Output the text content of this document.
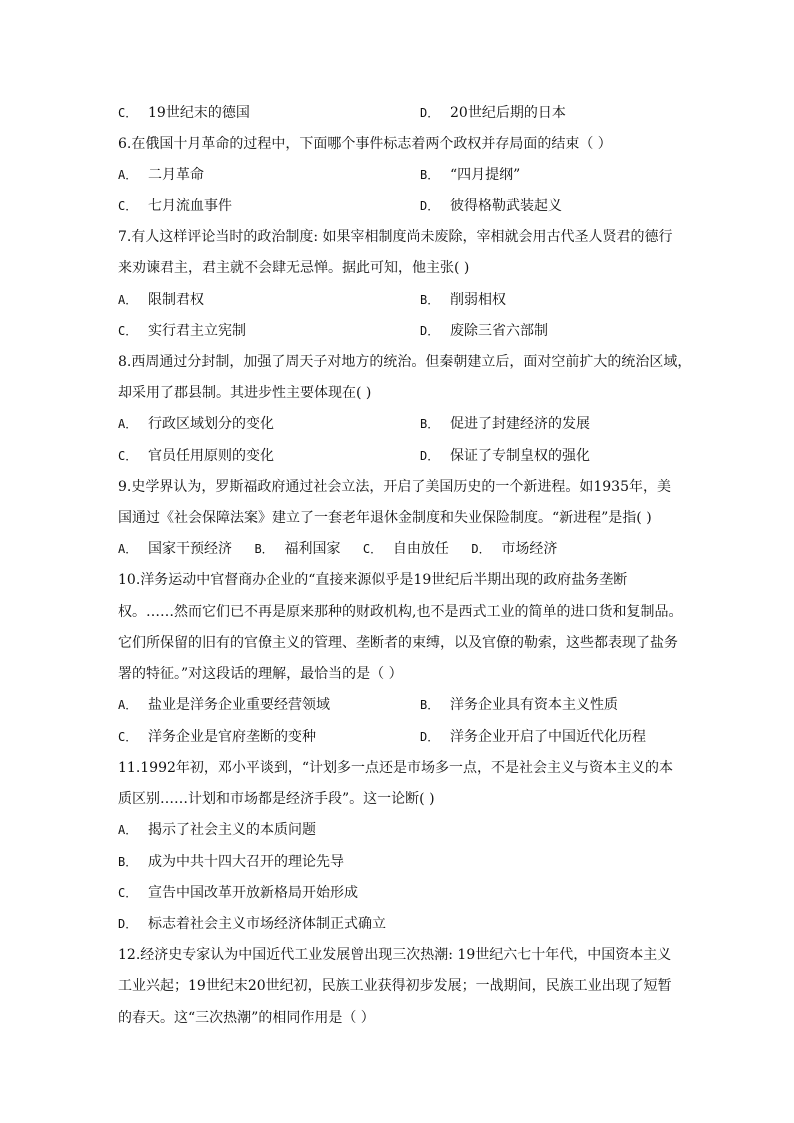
C． 19世纪末的德国	D． 20世纪后期的日本
6.在俄国十月革命的过程中，下面哪个事件标志着两个政权并存局面的结束（ ）
A． 二月革命	B． “四月提纲”
C． 七月流血事件	D． 彼得格勒武装起义
7.有人这样评论当时的政治制度: 如果宰相制度尚未废除，宰相就会用古代圣人贤君的德行
来劝谏君主，君主就不会肆无忌惮。据此可知，他主张( )
A． 限制君权	B． 削弱相权
C． 实行君主立宪制	D． 废除三省六部制
8.西周通过分封制，加强了周天子对地方的统治。但秦朝建立后，面对空前扩大的统治区域，
却采用了郡县制。其进步性主要体现在( )
A． 行政区域划分的变化	B． 促进了封建经济的发展
C． 官员任用原则的变化	D． 保证了专制皇权的强化
9.史学界认为，罗斯福政府通过社会立法，开启了美国历史的一个新进程。如1935年，美
国通过《社会保障法案》建立了一套老年退休金制度和失业保险制度。“新进程”是指( )
A． 国家干预经济 B． 福利国家 C． 自由放任 D． 市场经济
10.洋务运动中官督商办企业的“直接来源似乎是19世纪后半期出现的政府盐务垄断
权。……然而它们已不再是原来那种的财政机构,也不是西式工业的简单的进口货和复制品。
它们所保留的旧有的官僚主义的管理、垄断者的束缚，以及官僚的勒索，这些都表现了盐务
署的特征。”对这段话的理解，最恰当的是（ ）
A． 盐业是洋务企业重要经营领域	B． 洋务企业具有资本主义性质
C． 洋务企业是官府垄断的变种	D． 洋务企业开启了中国近代化历程
11.1992年初，邓小平谈到，“计划多一点还是市场多一点，不是社会主义与资本主义的本
质区别……计划和市场都是经济手段”。这一论断( )
A． 揭示了社会主义的本质问题
B． 成为中共十四大召开的理论先导
C． 宣告中国改革开放新格局开始形成
D． 标志着社会主义市场经济体制正式确立
12.经济史专家认为中国近代工业发展曾出现三次热潮: 19世纪六七十年代，中国资本主义
工业兴起；19世纪末20世纪初，民族工业获得初步发展；一战期间，民族工业出现了短暂
的春天。这“三次热潮”的相同作用是（ ）
